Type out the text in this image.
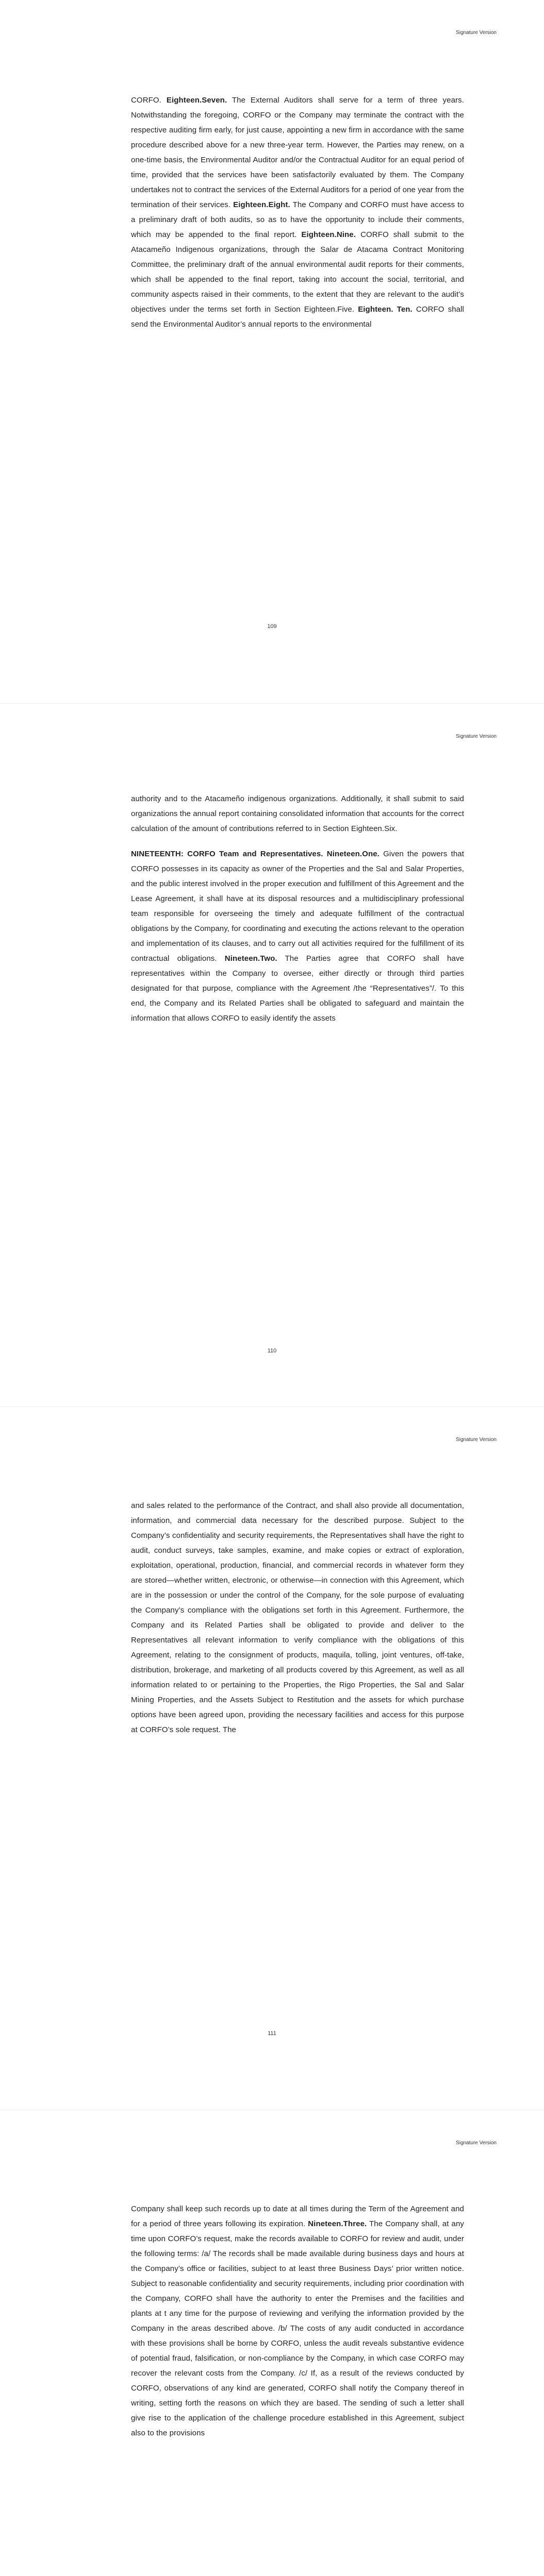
Signature Version

CORFO. Eighteen.Seven. The External Auditors shall serve for a term of three years. Notwithstanding the foregoing, CORFO or the Company may terminate the contract with the respective auditing firm early, for just cause, appointing a new firm in accordance with the same procedure described above for a new three-year term. However, the Parties may renew, on a one-time basis, the Environmental Auditor and/or the Contractual Auditor for an equal period of time, provided that the services have been satisfactorily evaluated by them. The Company undertakes not to contract the services of the External Auditors for a period of one year from the termination of their services. Eighteen.Eight. The Company and CORFO must have access to a preliminary draft of both audits, so as to have the opportunity to include their comments, which may be appended to the final report. Eighteen.Nine. CORFO shall submit to the Atacameño Indigenous organizations, through the Salar de Atacama Contract Monitoring Committee, the preliminary draft of the annual environmental audit reports for their comments, which shall be appended to the final report, taking into account the social, territorial, and community aspects raised in their comments, to the extent that they are relevant to the audit’s objectives under the terms set forth in Section Eighteen.Five. Eighteen. Ten. CORFO shall send the Environmental Auditor’s annual reports to the environmental

109
Signature Version

authority and to the Atacameño indigenous organizations. Additionally, it shall submit to said organizations the annual report containing consolidated information that accounts for the correct calculation of the amount of contributions referred to in Section Eighteen.Six.

NINETEENTH: CORFO Team and Representatives. Nineteen.One. Given the powers that CORFO possesses in its capacity as owner of the Properties and the Sal and Salar Properties, and the public interest involved in the proper execution and fulfillment of this Agreement and the Lease Agreement, it shall have at its disposal resources and a multidisciplinary professional team responsible for overseeing the timely and adequate fulfillment of the contractual obligations by the Company, for coordinating and executing the actions relevant to the operation and implementation of its clauses, and to carry out all activities required for the fulfillment of its contractual obligations. Nineteen.Two. The Parties agree that CORFO shall have representatives within the Company to oversee, either directly or through third parties designated for that purpose, compliance with the Agreement /the “Representatives”/. To this end, the Company and its Related Parties shall be obligated to safeguard and maintain the information that allows CORFO to easily identify the assets

110
Signature Version

and sales related to the performance of the Contract, and shall also provide all documentation, information, and commercial data necessary for the described purpose. Subject to the Company’s confidentiality and security requirements, the Representatives shall have the right to audit, conduct surveys, take samples, examine, and make copies or extract of exploration, exploitation, operational, production, financial, and commercial records in whatever form they are stored—whether written, electronic, or otherwise—in connection with this Agreement, which are in the possession or under the control of the Company, for the sole purpose of evaluating the Company’s compliance with the obligations set forth in this Agreement. Furthermore, the Company and its Related Parties shall be obligated to provide and deliver to the Representatives all relevant information to verify compliance with the obligations of this Agreement, relating to the consignment of products, maquila, tolling, joint ventures, off-take, distribution, brokerage, and marketing of all products covered by this Agreement, as well as all information related to or pertaining to the Properties, the Rigo Properties, the Sal and Salar Mining Properties, and the Assets Subject to Restitution and the assets for which purchase options have been agreed upon, providing the necessary facilities and access for this purpose at CORFO’s sole request. The

111
Signature Version

Company shall keep such records up to date at all times during the Term of the Agreement and for a period of three years following its expiration. Nineteen.Three. The Company shall, at any time upon CORFO’s request, make the records available to CORFO for review and audit, under the following terms: /a/ The records shall be made available during business days and hours at the Company’s office or facilities, subject to at least three Business Days’ prior written notice. Subject to reasonable confidentiality and security requirements, including prior coordination with the Company, CORFO shall have the authority to enter the Premises and the facilities and plants at t any time for the purpose of reviewing and verifying the information provided by the Company in the areas described above. /b/ The costs of any audit conducted in accordance with these provisions shall be borne by CORFO, unless the audit reveals substantive evidence of potential fraud, falsification, or non-compliance by the Company, in which case CORFO may recover the relevant costs from the Company. /c/ If, as a result of the reviews conducted by CORFO, observations of any kind are generated, CORFO shall notify the Company thereof in writing, setting forth the reasons on which they are based. The sending of such a letter shall give rise to the application of the challenge procedure established in this Agreement, subject also to the provisions
